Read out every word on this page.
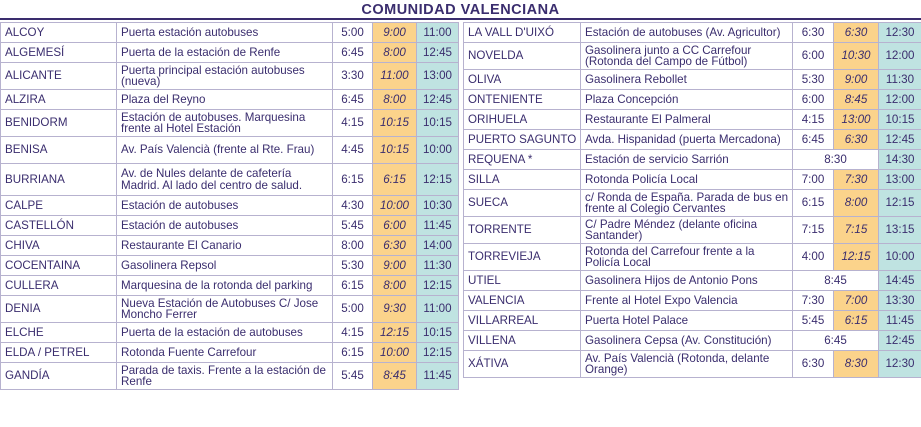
COMUNIDAD VALENCIANA
ALCOY	Puerta estación autobuses	5:00	9:00	11:00
ALGEMESÍ	Puerta de la estación de Renfe	6:45	8:00	12:45
ALICANTE	Puerta principal estación autobuses (nueva)	3:30	11:00	13:00
ALZIRA	Plaza del Reyno	6:45	8:00	12:45
BENIDORM	Estación de autobuses. Marquesina frente al Hotel Estación	4:15	10:15	10:15
BENISA	Av. País Valencià (frente al Rte. Frau)	4:45	10:15	10:00
BURRIANA	Av. de Nules delante de cafetería Madrid. Al lado del centro de salud.	6:15	6:15	12:15
CALPE	Estación de autobuses	4:30	10:00	10:30
CASTELLÓN	Estación de autobuses	5:45	6:00	11:45
CHIVA	Restaurante El Canario	8:00	6:30	14:00
COCENTAINA	Gasolinera Repsol	5:30	9:00	11:30
CULLERA	Marquesina de la rotonda del parking	6:15	8:00	12:15
DENIA	Nueva Estación de Autobuses C/ Jose Moncho Ferrer	5:00	9:30	11:00
ELCHE	Puerta de la estación de autobuses	4:15	12:15	10:15
ELDA / PETREL	Rotonda Fuente Carrefour	6:15	10:00	12:15
GANDÍA	Parada de taxis. Frente a la estación de Renfe	5:45	8:45	11:45
LA VALL D'UIXÓ	Estación de autobuses (Av. Agricultor)	6:30	6:30	12:30
NOVELDA	Gasolinera junto a CC Carrefour (Rotonda del Campo de Fútbol)	6:00	10:30	12:00
OLIVA	Gasolinera Rebollet	5:30	9:00	11:30
ONTENIENTE	Plaza Concepción	6:00	8:45	12:00
ORIHUELA	Restaurante El Palmeral	4:15	13:00	10:15
PUERTO SAGUNTO	Avda. Hispanidad (puerta Mercadona)	6:45	6:30	12:45
REQUENA *	Estación de servicio Sarrión	8:30		14:30
SILLA	Rotonda Policía Local	7:00	7:30	13:00
SUECA	c/ Ronda de España. Parada de bus en frente al Colegio Cervantes	6:15	8:00	12:15
TORRENTE	C/ Padre Méndez (delante oficina Santander)	7:15	7:15	13:15
TORREVIEJA	Rotonda del Carrefour frente a la Policía Local	4:00	12:15	10:00
UTIEL	Gasolinera Hijos de Antonio Pons	8:45		14:45
VALENCIA	Frente al Hotel Expo Valencia	7:30	7:00	13:30
VILLARREAL	Puerta Hotel Palace	5:45	6:15	11:45
VILLENA	Gasolinera Cepsa (Av. Constitución)	6:45		12:45
XÁTIVA	Av. País Valencià (Rotonda, delante Orange)	6:30	8:30	12:30
